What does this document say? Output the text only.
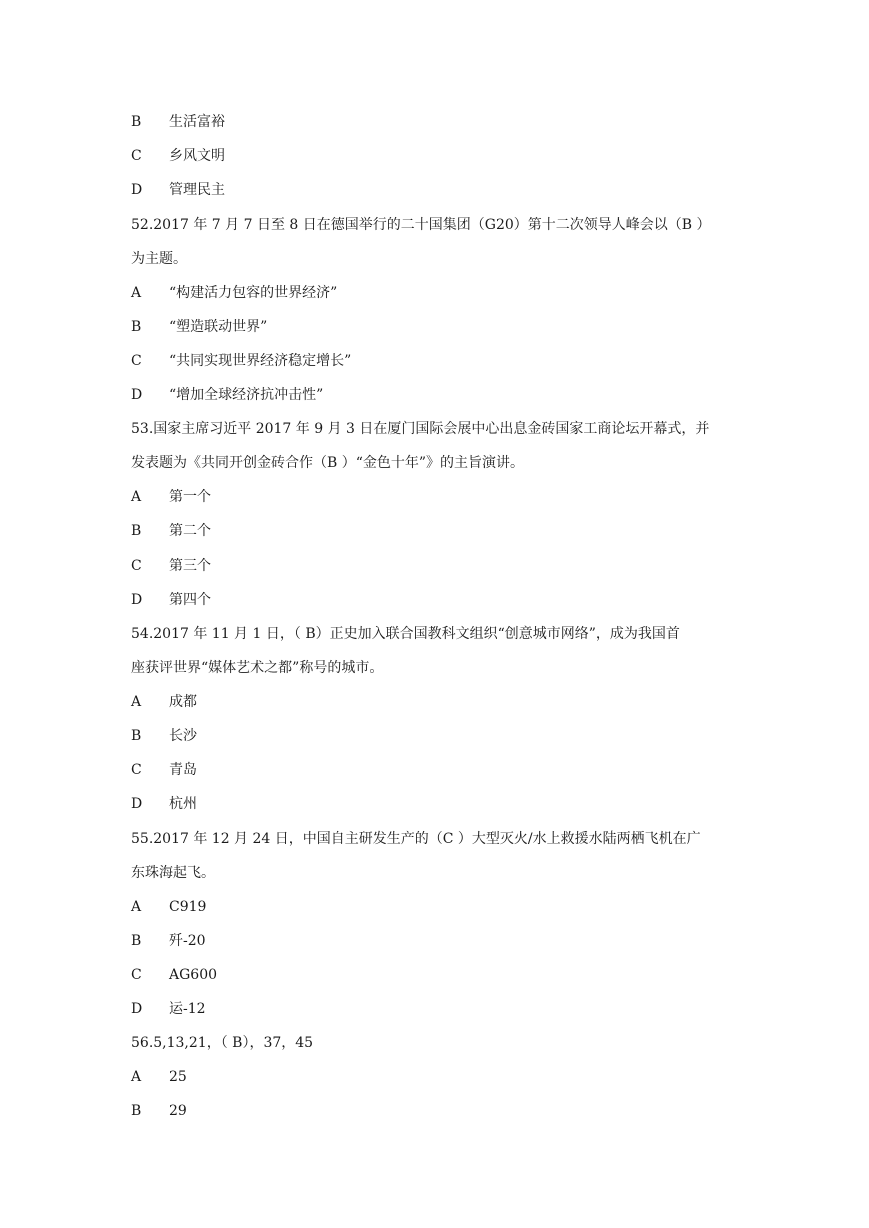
B 生活富裕
C 乡风文明
D 管理民主
52.2017 年 7 月 7 日至 8 日在德国举行的二十国集团（G20）第十二次领导人峰会以（B ）
为主题。
A “构建活力包容的世界经济”
B “塑造联动世界”
C “共同实现世界经济稳定增长”
D “增加全球经济抗冲击性”
53.国家主席习近平 2017 年 9 月 3 日在厦门国际会展中心出息金砖国家工商论坛开幕式，并
发表题为《共同开创金砖合作（B ）“金色十年”》的主旨演讲。
A 第一个
B 第二个
C 第三个
D 第四个
54.2017 年 11 月 1 日，（ B）正史加入联合国教科文组织“创意城市网络”，成为我国首
座获评世界“媒体艺术之都”称号的城市。
A 成都
B 长沙
C 青岛
D 杭州
55.2017 年 12 月 24 日，中国自主研发生产的（C ）大型灭火/水上救援水陆两栖飞机在广
东珠海起飞。
A C919
B 歼-20
C AG600
D 运-12
56.5,13,21，（ B），37，45
A 25
B 29
